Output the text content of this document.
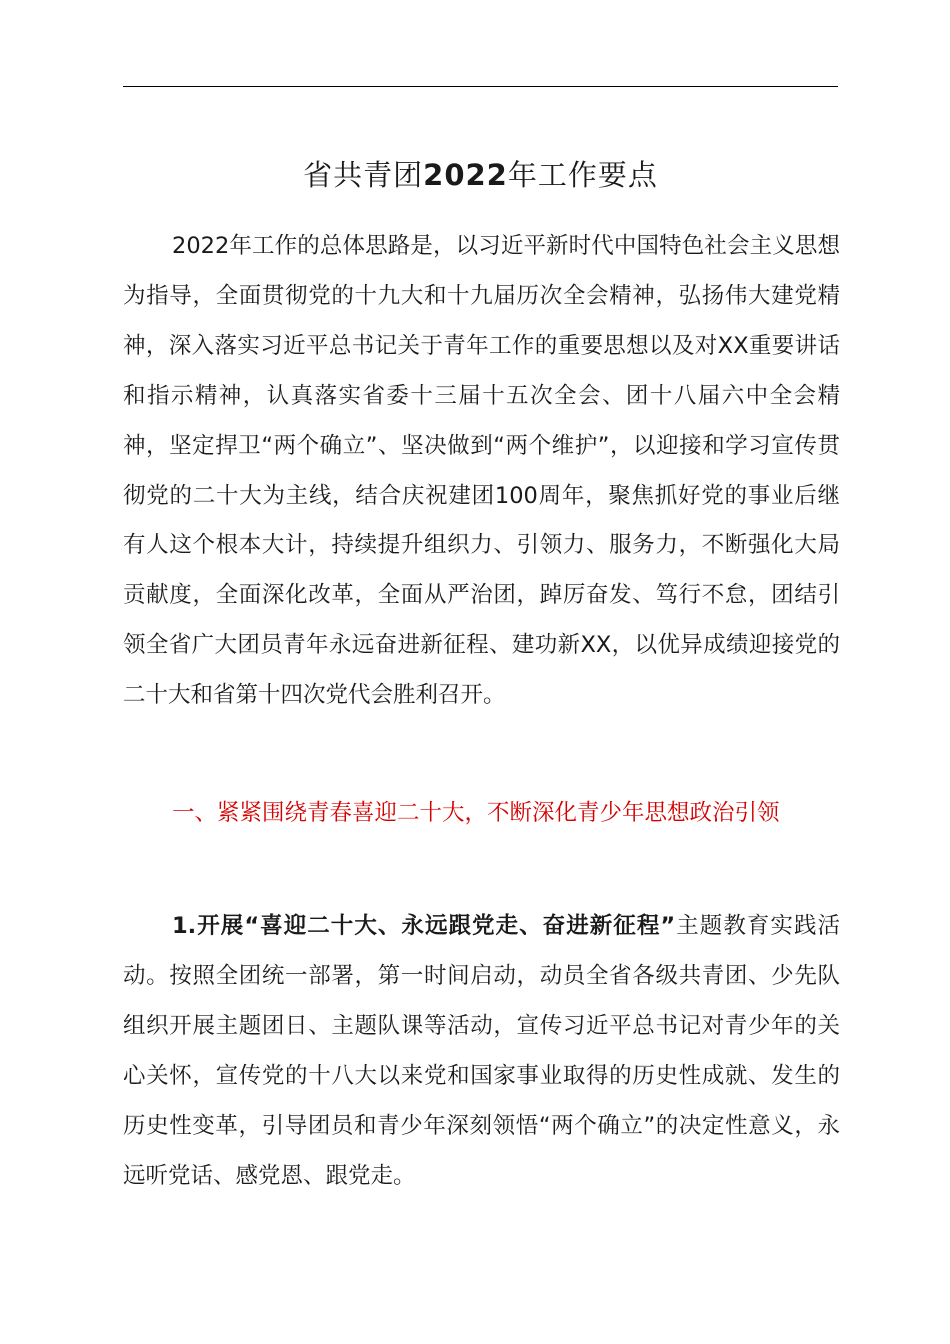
省共青团2022年工作要点

2022年工作的总体思路是，以习近平新时代中国特色社会主义思想为指导，全面贯彻党的十九大和十九届历次全会精神，弘扬伟大建党精神，深入落实习近平总书记关于青年工作的重要思想以及对XX重要讲话和指示精神，认真落实省委十三届十五次全会、团十八届六中全会精神，坚定捍卫“两个确立”、坚决做到“两个维护”，以迎接和学习宣传贯彻党的二十大为主线，结合庆祝建团100周年，聚焦抓好党的事业后继有人这个根本大计，持续提升组织力、引领力、服务力，不断强化大局贡献度，全面深化改革，全面从严治团，踔厉奋发、笃行不怠，团结引领全省广大团员青年永远奋进新征程、建功新XX，以优异成绩迎接党的二十大和省第十四次党代会胜利召开。

一、紧紧围绕青春喜迎二十大，不断深化青少年思想政治引领

1.开展“喜迎二十大、永远跟党走、奋进新征程”主题教育实践活动。按照全团统一部署，第一时间启动，动员全省各级共青团、少先队组织开展主题团日、主题队课等活动，宣传习近平总书记对青少年的关心关怀，宣传党的十八大以来党和国家事业取得的历史性成就、发生的历史性变革，引导团员和青少年深刻领悟“两个确立”的决定性意义，永远听党话、感党恩、跟党走。
